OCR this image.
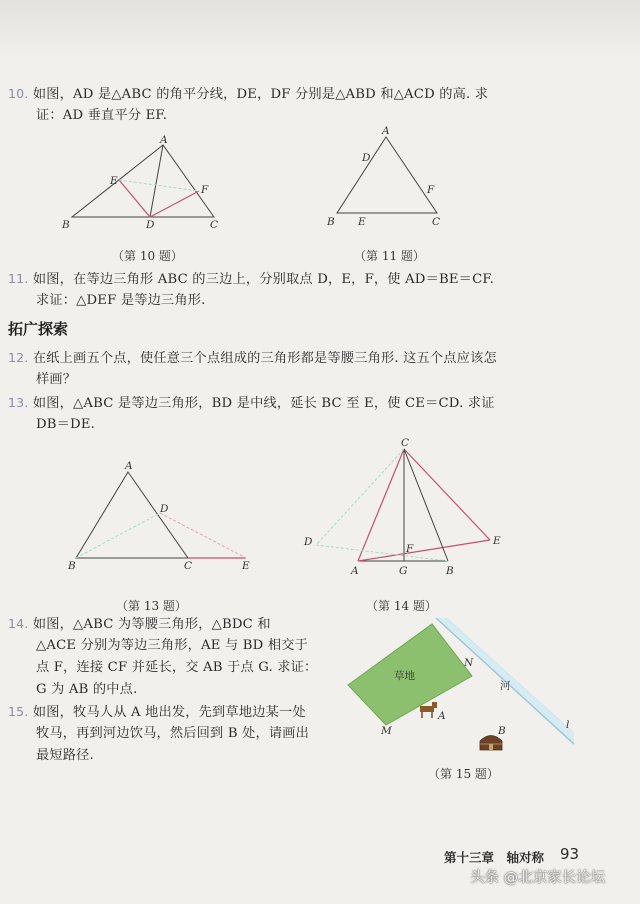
10. 如图，AD 是△ABC 的角平分线，DE，DF 分别是△ABD 和△ACD 的高. 求
证：AD 垂直平分 EF.
A
B	C
D
E
F
（第 10 题）
A
B	C
D
E
F
（第 11 题）
11. 如图，在等边三角形 ABC 的三边上，分别取点 D，E，F，使 AD＝BE＝CF.
求证：△DEF 是等边三角形.
拓广探索
12. 在纸上画五个点，使任意三个点组成的三角形都是等腰三角形. 这五个点应该怎
样画？
13. 如图，△ABC 是等边三角形，BD 是中线，延长 BC 至 E，使 CE＝CD. 求证
DB＝DE.
A
B	C
D
E
（第 13 题）
C
D	E
F
A	G	B
（第 14 题）
14. 如图，△ABC 为等腰三角形，△BDC 和
△ACE 分别为等边三角形，AE 与 BD 相交于
点 F，连接 CF 并延长，交 AB 于点 G. 求证：
G 为 AB 的中点.
15. 如图，牧马人从 A 地出发，先到草地边某一处
牧马，再到河边饮马，然后回到 B 处，请画出
最短路径.
草地
河
N
M	l
A
B
（第 15 题）
第十三章　轴对称 93
头条 @北京家长论坛
